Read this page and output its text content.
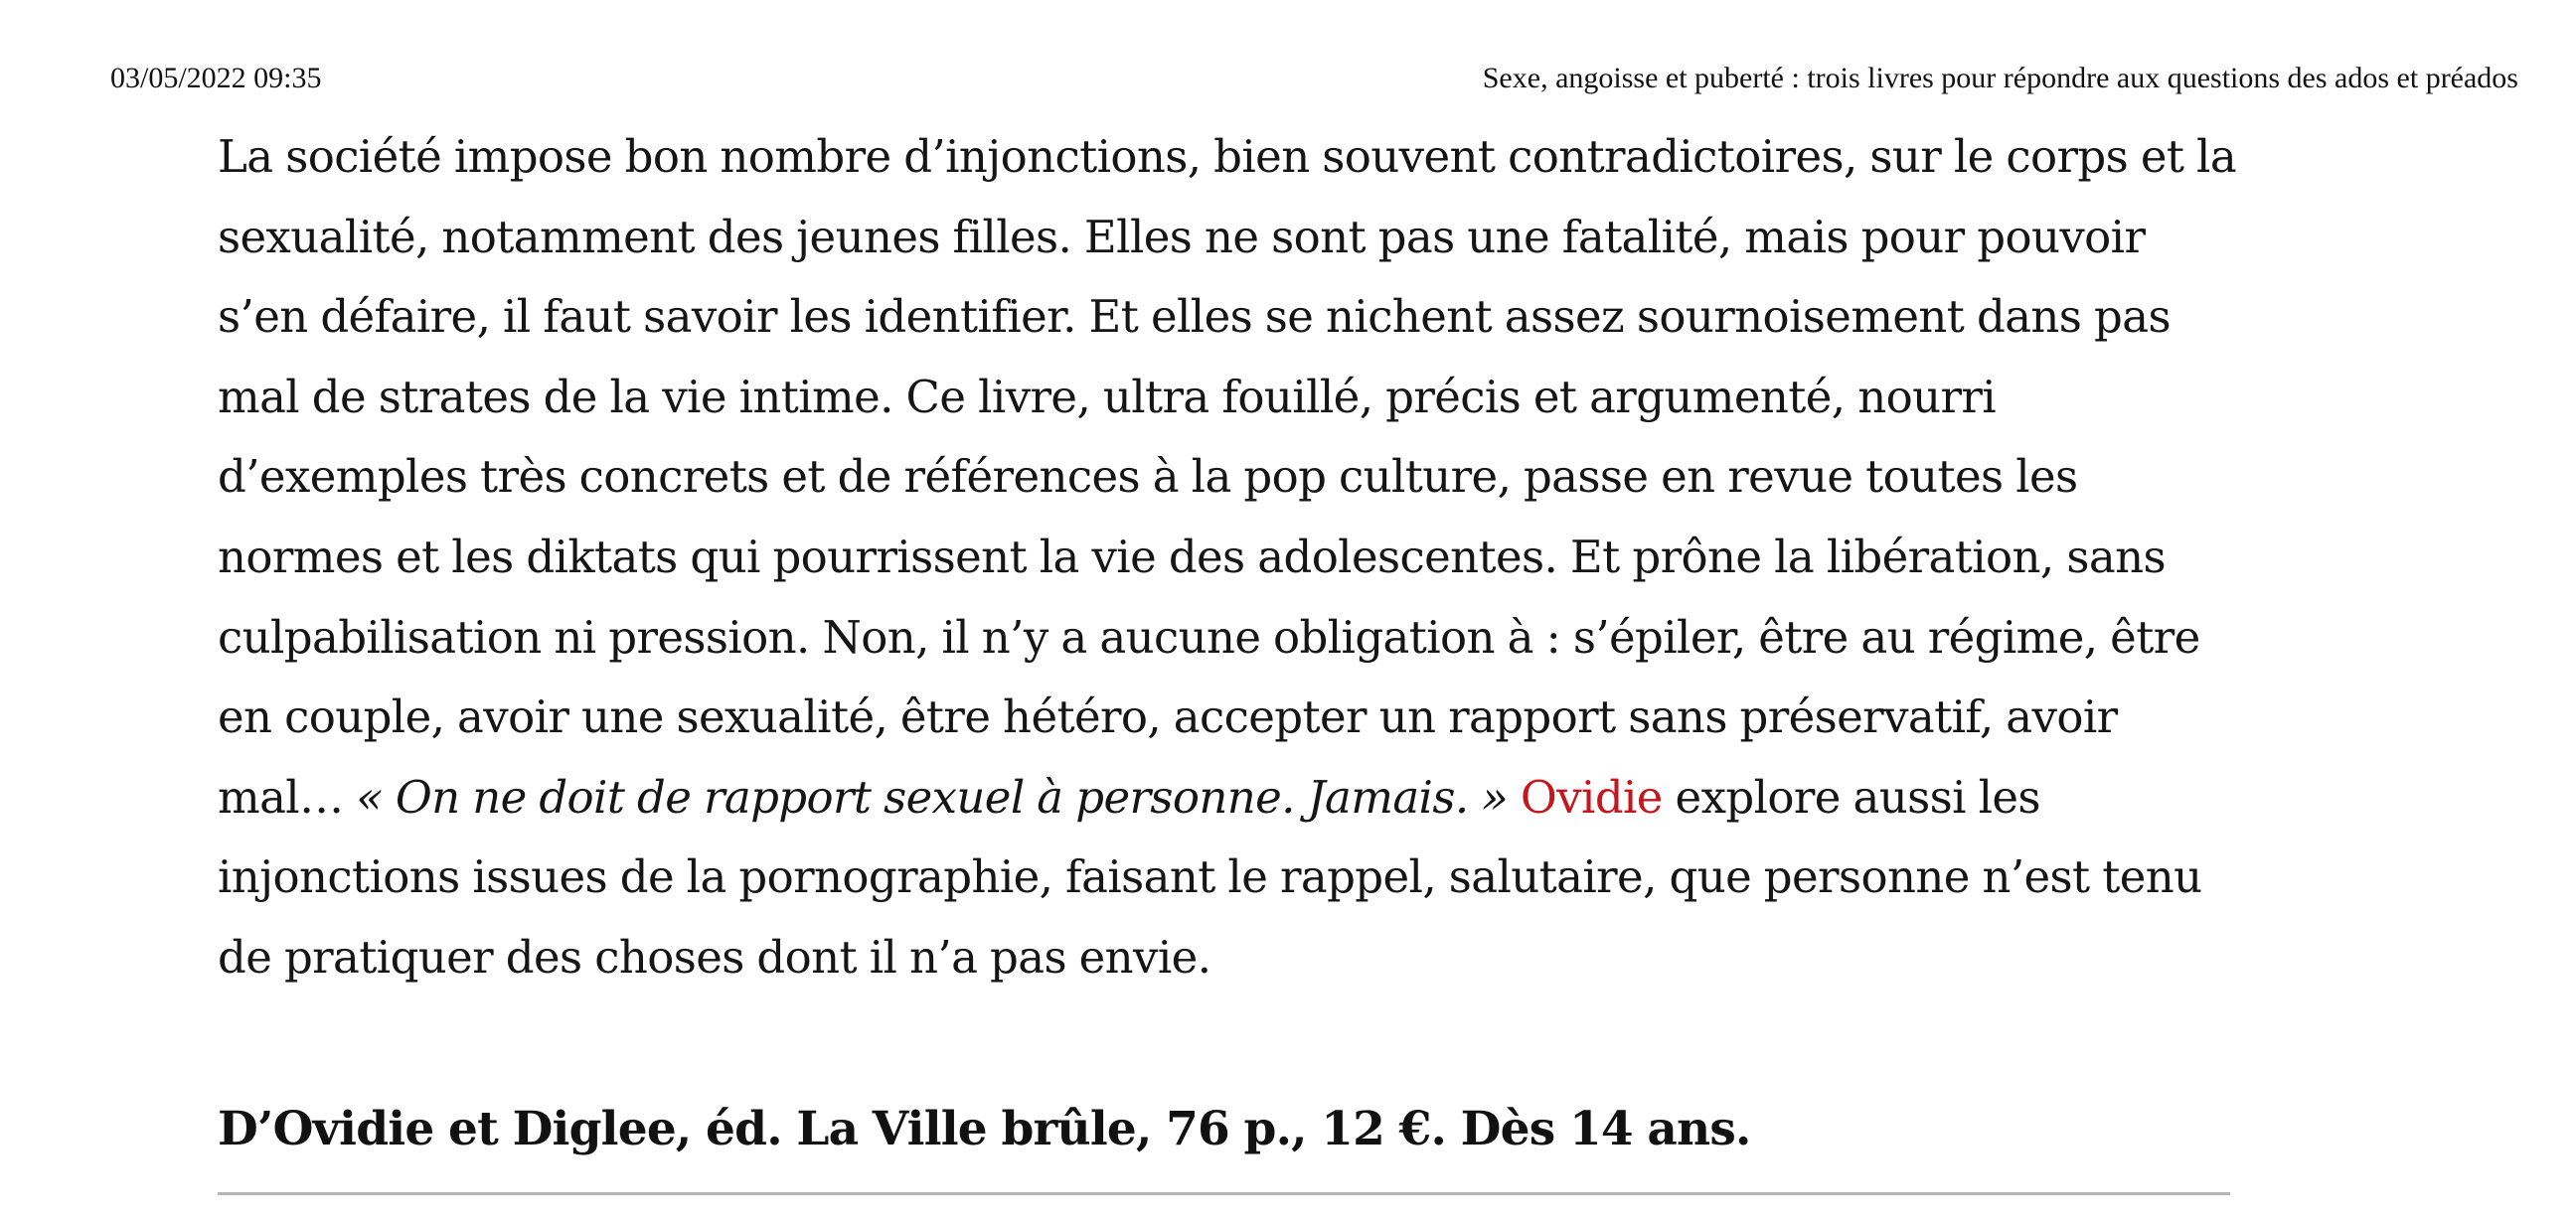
03/05/2022 09:35	Sexe, angoisse et puberté : trois livres pour répondre aux questions des ados et préados

La société impose bon nombre d’injonctions, bien souvent contradictoires, sur le corps et la sexualité, notamment des jeunes filles. Elles ne sont pas une fatalité, mais pour pouvoir s’en défaire, il faut savoir les identifier. Et elles se nichent assez sournoisement dans pas mal de strates de la vie intime. Ce livre, ultra fouillé, précis et argumenté, nourri d’exemples très concrets et de références à la pop culture, passe en revue toutes les normes et les diktats qui pourrissent la vie des adolescentes. Et prône la libération, sans culpabilisation ni pression. Non, il n’y a aucune obligation à : s’épiler, être au régime, être en couple, avoir une sexualité, être hétéro, accepter un rapport sans préservatif, avoir mal… « On ne doit de rapport sexuel à personne. Jamais. » Ovidie explore aussi les injonctions issues de la pornographie, faisant le rappel, salutaire, que personne n’est tenu de pratiquer des choses dont il n’a pas envie.

D’Ovidie et Diglee, éd. La Ville brûle, 76 p., 12 €. Dès 14 ans.
